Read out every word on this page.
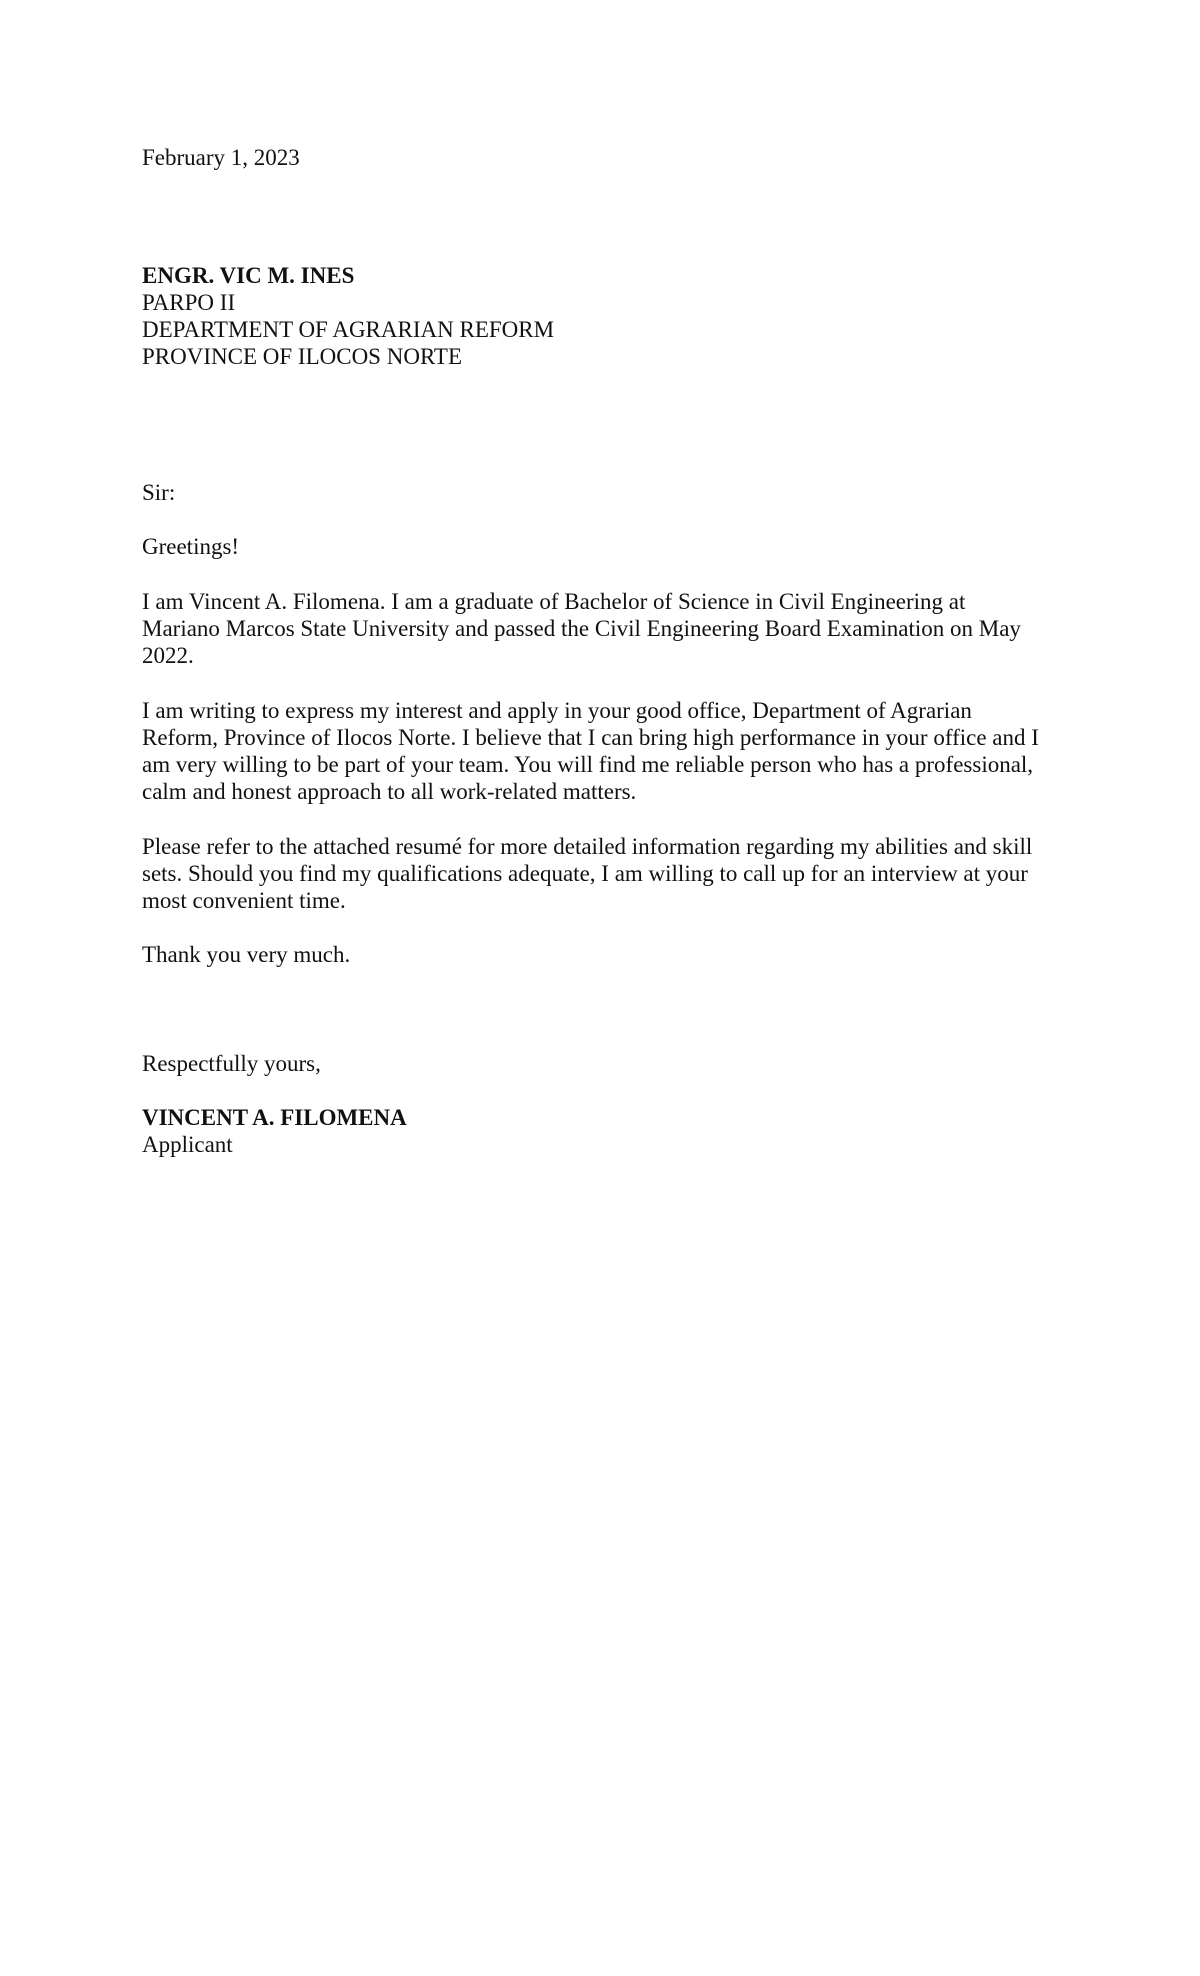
February 1, 2023
ENGR. VIC M. INES
PARPO II
DEPARTMENT OF AGRARIAN REFORM
PROVINCE OF ILOCOS NORTE
Sir:
Greetings!
I am Vincent A. Filomena. I am a graduate of Bachelor of Science in Civil Engineering at
Mariano Marcos State University and passed the Civil Engineering Board Examination on May
2022.
I am writing to express my interest and apply in your good office, Department of Agrarian
Reform, Province of Ilocos Norte. I believe that I can bring high performance in your office and I
am very willing to be part of your team. You will find me reliable person who has a professional,
calm and honest approach to all work-related matters.
Please refer to the attached resumé for more detailed information regarding my abilities and skill
sets. Should you find my qualifications adequate, I am willing to call up for an interview at your
most convenient time.
Thank you very much.
Respectfully yours,
VINCENT A. FILOMENA
Applicant
